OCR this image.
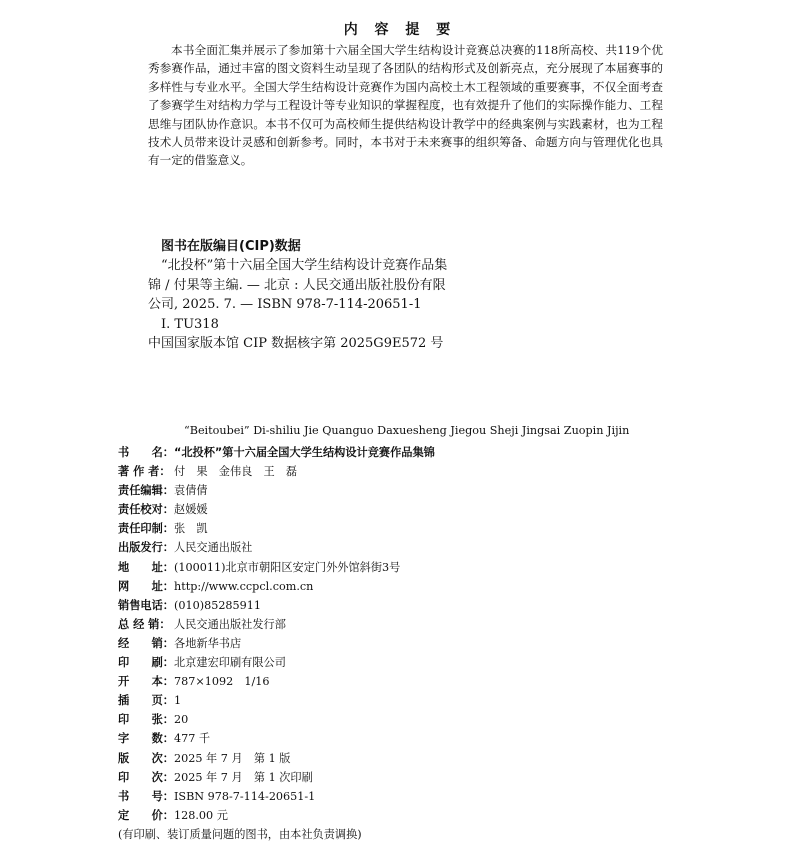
内 容 提 要

本书全面汇集并展示了参加第十六届全国大学生结构设计竞赛总决赛的118所高校、共119个优秀参赛作品，通过丰富的图文资料生动呈现了各团队的结构形式及创新亮点，充分展现了本届赛事的多样性与专业水平。全国大学生结构设计竞赛作为国内高校土木工程领域的重要赛事，不仅全面考查了参赛学生对结构力学与工程设计等专业知识的掌握程度，也有效提升了他们的实际操作能力、工程思维与团队协作意识。本书不仅可为高校师生提供结构设计教学中的经典案例与实践素材，也为工程技术人员带来设计灵感和创新参考。同时，本书对于未来赛事的组织筹备、命题方向与管理优化也具有一定的借鉴意义。

图书在版编目(CIP)数据
“北投杯”第十六届全国大学生结构设计竞赛作品集
锦 / 付果等主编. — 北京 : 人民交通出版社股份有限
公司, 2025. 7. — ISBN 978-7-114-20651-1
Ⅰ. TU318
中国国家版本馆 CIP 数据核字第 2025G9E572 号
“Beitoubei” Di-shiliu Jie Quanguo Daxuesheng Jiegou Sheji Jingsai Zuopin Jijin
书　　名： “北投杯”第十六届全国大学生结构设计竞赛作品集锦
著 作 者： 付　果　金伟良　王　磊
责任编辑： 袁倩倩
责任校对： 赵媛媛
责任印制： 张　凯
出版发行： 人民交通出版社
地　　址： (100011)北京市朝阳区安定门外外馆斜街3号
网　　址： http://www.ccpcl.com.cn
销售电话： (010)85285911
总 经 销： 人民交通出版社发行部
经　　销： 各地新华书店
印　　刷： 北京建宏印刷有限公司
开　　本： 787×1092　1/16
插　　页： 1
印　　张： 20
字　　数： 477 千
版　　次： 2025 年 7 月　第 1 版
印　　次： 2025 年 7 月　第 1 次印刷
书　　号： ISBN 978-7-114-20651-1
定　　价： 128.00 元
(有印刷、装订质量问题的图书，由本社负责调换)
